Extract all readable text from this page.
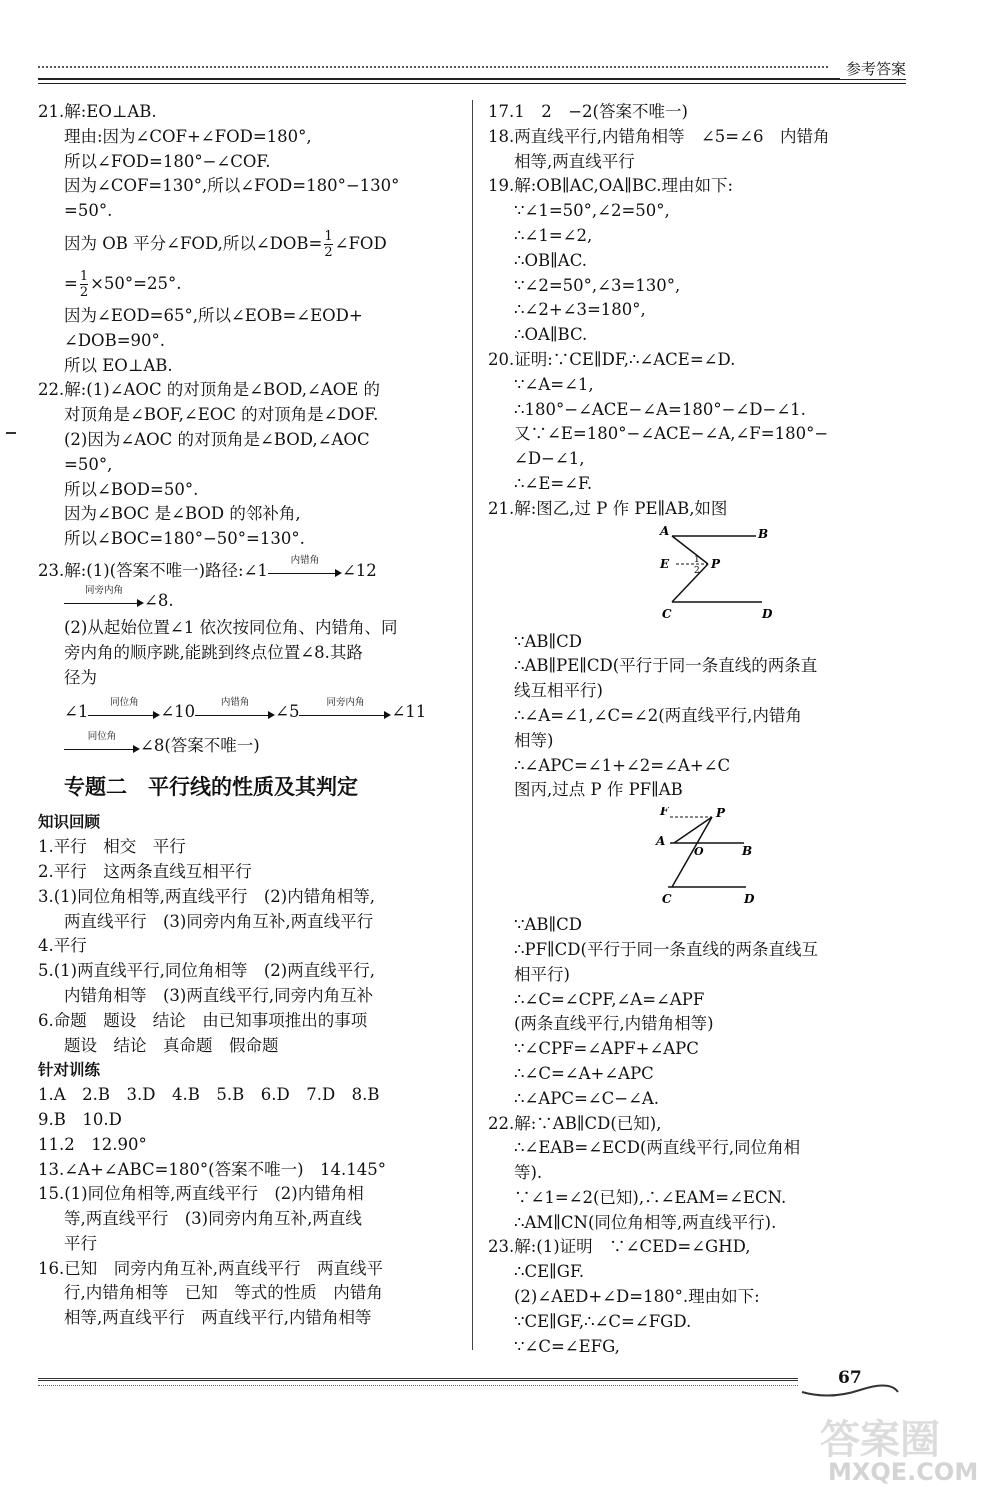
参考答案
21.解:EO⊥AB.
理由:因为∠COF+∠FOD=180°,
所以∠FOD=180°−∠COF.
因为∠COF=130°,所以∠FOD=180°−130°
=50°.
因为 OB 平分∠FOD,所以∠DOB= $\frac{1}{2}$ ∠FOD
= $\frac{1}{2} \times 50^\circ=25^\circ$.
因为∠EOD=65°,所以∠EOB=∠EOD+
∠DOB=90°.
所以 EO⊥AB.
22.解:(1)∠AOC 的对顶角是∠BOD,∠AOE 的
对顶角是∠BOF,∠EOC 的对顶角是∠DOF.
(2)因为∠AOC 的对顶角是∠BOD,∠AOC
=50°,
所以∠BOD=50°.
因为∠BOC 是∠BOD 的邻补角,
所以∠BOC=180°−50°=130°.
23.解:(1)(答案不唯一)路径:∠1	内错角	∠12
同旁内角	∠8.
(2)从起始位置∠1 依次按同位角、内错角、同
旁内角的顺序跳,能跳到终点位置∠8.其路
径为
∠1	同位角	∠10	内错角	∠5	同旁内角	∠11
同位角	∠8(答案不唯一)
专题二　平行线的性质及其判定
知识回顾
1.平行　相交　平行
2.平行　这两条直线互相平行
3.(1)同位角相等,两直线平行　(2)内错角相等,
两直线平行　(3)同旁内角互补,两直线平行
4.平行
5.(1)两直线平行,同位角相等　(2)两直线平行,
内错角相等　(3)两直线平行,同旁内角互补
6.命题　题设　结论　由已知事项推出的事项
题设　结论　真命题　假命题
针对训练
1.A　2.B　3.D　4.B　5.B　6.D　7.D　8.B
9.B　10.D
11.2　12.90°
13.∠A+∠ABC=180°(答案不唯一)　14.145°
15.(1)同位角相等,两直线平行　(2)内错角相
等,两直线平行　(3)同旁内角互补,两直线
平行
16.已知　同旁内角互补,两直线平行　两直线平
行,内错角相等　已知　等式的性质　内错角
相等,两直线平行　两直线平行,内错角相等
17.1　2　−2(答案不唯一)
18.两直线平行,内错角相等　∠5=∠6　内错角
相等,两直线平行
19.解:OB∥AC,OA∥BC.理由如下:
∵∠1=50°,∠2=50°,
∴∠1=∠2,
∴OB∥AC.
∵∠2=50°,∠3=130°,
∴∠2+∠3=180°,
∴OA∥BC.
20.证明:∵CE∥DF,∴∠ACE=∠D.
∵∠A=∠1,
∴180°−∠ACE−∠A=180°−∠D−∠1.
又∵∠E=180°−∠ACE−∠A,∠F=180°−
∠D−∠1,
∴∠E=∠F.
21.解:图乙,过 P 作 PE∥AB,如图
A	B
E	P
1
2
C	D
∵AB∥CD
∴AB∥PE∥CD(平行于同一条直线的两条直
线互相平行)
∴∠A=∠1,∠C=∠2(两直线平行,内错角
相等)
∴∠APC=∠1+∠2=∠A+∠C
图丙,过点 P 作 PF∥AB
F	P
A
O	B
C	D
∵AB∥CD
∴PF∥CD(平行于同一条直线的两条直线互
相平行)
∴∠C=∠CPF,∠A=∠APF
(两条直线平行,内错角相等)
∵∠CPF=∠APF+∠APC
∴∠C=∠A+∠APC
∴∠APC=∠C−∠A.
22.解:∵AB∥CD(已知),
∴∠EAB=∠ECD(两直线平行,同位角相
等).
∵∠1=∠2(已知),∴∠EAM=∠ECN.
∴AM∥CN(同位角相等,两直线平行).
23.解:(1)证明　∵∠CED=∠GHD,
∴CE∥GF.
(2)∠AED+∠D=180°.理由如下:
∵CE∥GF,∴∠C=∠FGD.
∵∠C=∠EFG,
67
答案圈
MXQE.COM
